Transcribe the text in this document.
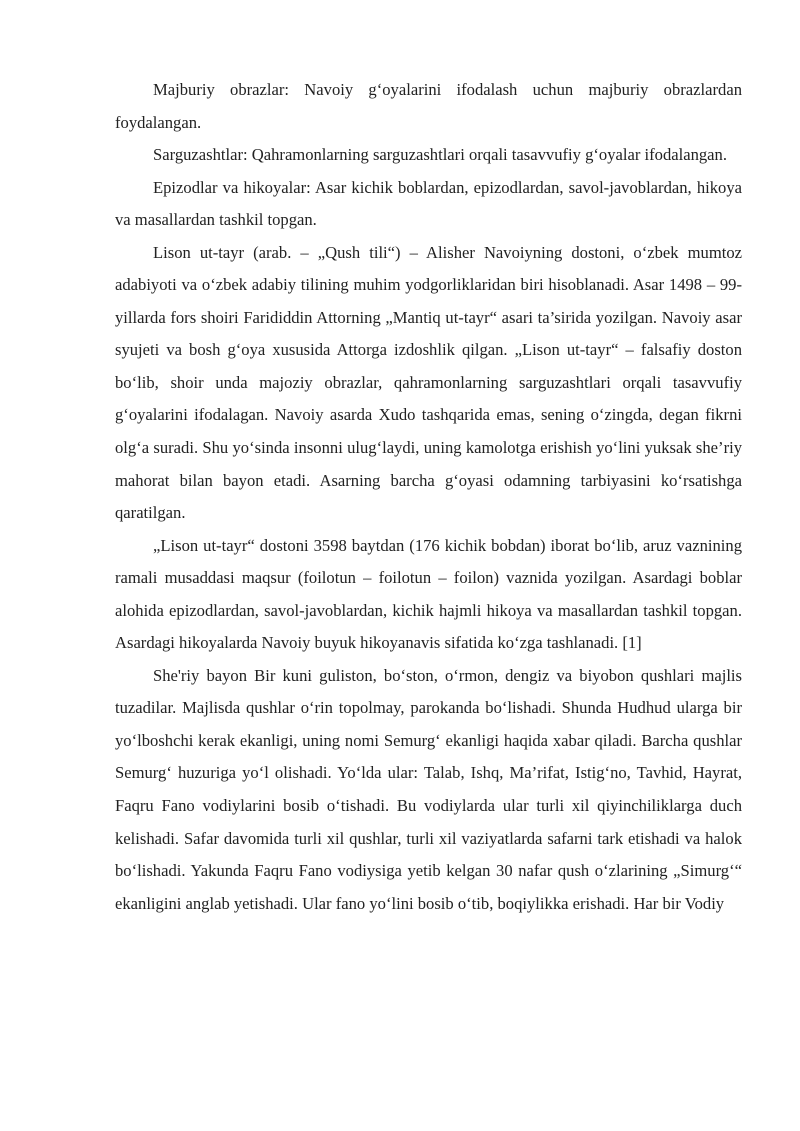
Majburiy obrazlar: Navoiy g‘oyalarini ifodalash uchun majburiy obrazlardan foydalangan.

Sarguzashtlar: Qahramonlarning sarguzashtlari orqali tasavvufiy g‘oyalar ifodalangan.

Epizodlar va hikoyalar: Asar kichik boblardan, epizodlardan, savol-javoblardan, hikoya va masallardan tashkil topgan.

Lison ut-tayr (arab. – „Qush tili“) – Alisher Navoiyning dostoni, o‘zbek mumtoz adabiyoti va o‘zbek adabiy tilining muhim yodgorliklaridan biri hisoblanadi. Asar 1498 – 99-yillarda fors shoiri Farididdin Attorning „Mantiq ut-tayr“ asari ta’sirida yozilgan. Navoiy asar syujeti va bosh g‘oya xususida Attorga izdoshlik qilgan. „Lison ut-tayr“ – falsafiy doston bo‘lib, shoir unda majoziy obrazlar, qahramonlarning sarguzashtlari orqali tasavvufiy g‘oyalarini ifodalagan. Navoiy asarda Xudo tashqarida emas, sening o‘zingda, degan fikrni olg‘a suradi. Shu yo‘sinda insonni ulug‘laydi, uning kamolotga erishish yo‘lini yuksak she’riy mahorat bilan bayon etadi. Asarning barcha g‘oyasi odamning tarbiyasini ko‘rsatishga qaratilgan.

„Lison ut-tayr“ dostoni 3598 baytdan (176 kichik bobdan) iborat bo‘lib, aruz vaznining ramali musaddasi maqsur (foilotun – foilotun – foilon) vaznida yozilgan. Asardagi boblar alohida epizodlardan, savol-javoblardan, kichik hajmli hikoya va masallardan tashkil topgan. Asardagi hikoyalarda Navoiy buyuk hikoyanavis sifatida ko‘zga tashlanadi. [1]

She'riy bayon Bir kuni guliston, bo‘ston, o‘rmon, dengiz va biyobon qushlari majlis tuzadilar. Majlisda qushlar o‘rin topolmay, parokanda bo‘lishadi. Shunda Hudhud ularga bir yo‘lboshchi kerak ekanligi, uning nomi Semurg‘ ekanligi haqida xabar qiladi. Barcha qushlar Semurg‘ huzuriga yo‘l olishadi. Yo‘lda ular: Talab, Ishq, Ma’rifat, Istig‘no, Tavhid, Hayrat, Faqru Fano vodiylarini bosib o‘tishadi. Bu vodiylarda ular turli xil qiyinchiliklarga duch kelishadi. Safar davomida turli xil qushlar, turli xil vaziyatlarda safarni tark etishadi va halok bo‘lishadi. Yakunda Faqru Fano vodiysiga yetib kelgan 30 nafar qush o‘zlarining „Simurg‘“ ekanligini anglab yetishadi. Ular fano yo‘lini bosib o‘tib, boqiylikka erishadi. Har bir Vodiy
